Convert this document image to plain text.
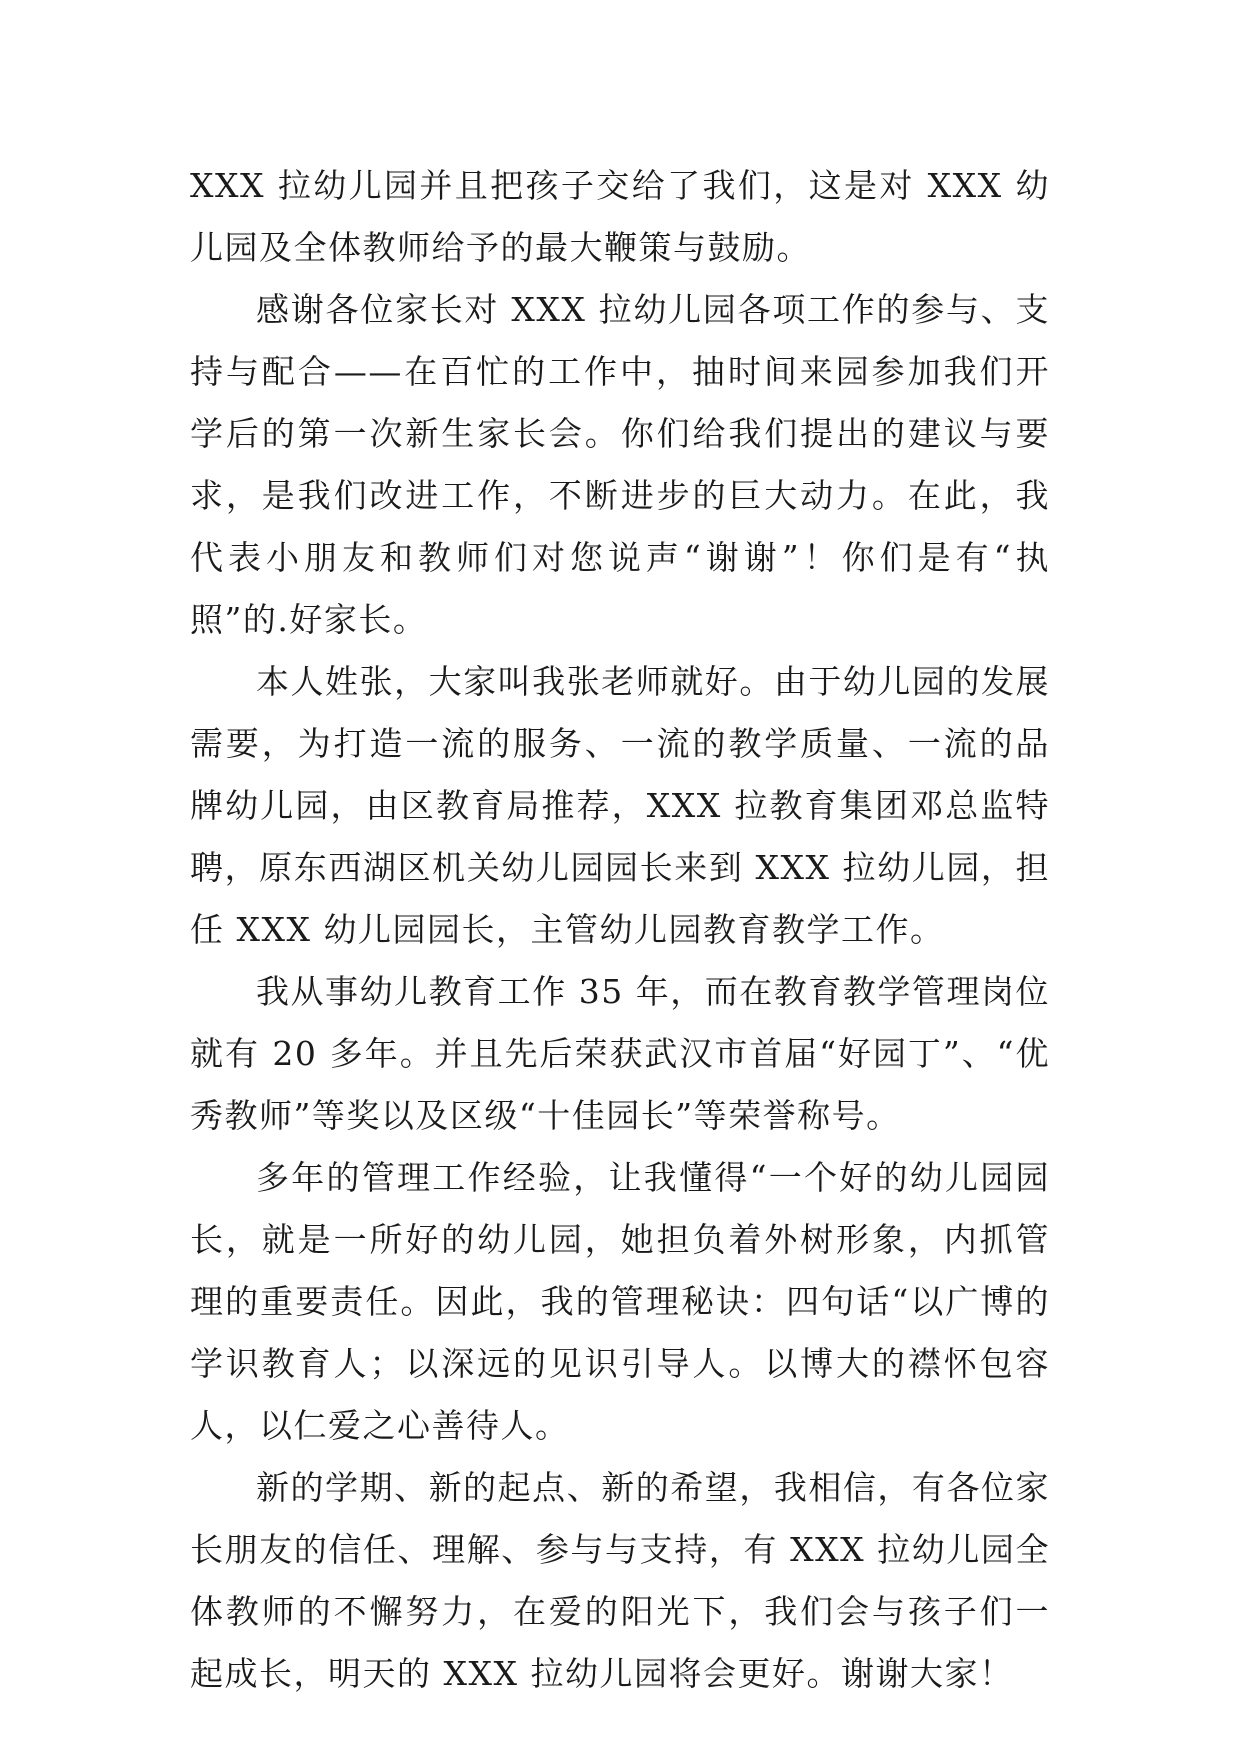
XXX 拉幼儿园并且把孩子交给了我们，这是对 XXX 幼儿园及全体教师给予的最大鞭策与鼓励。

感谢各位家长对 XXX 拉幼儿园各项工作的参与、支持与配合——在百忙的工作中，抽时间来园参加我们开学后的第一次新生家长会。你们给我们提出的建议与要求，是我们改进工作，不断进步的巨大动力。在此，我代表小朋友和教师们对您说声“谢谢”！你们是有“执照”的.好家长。

本人姓张，大家叫我张老师就好。由于幼儿园的发展需要，为打造一流的服务、一流的教学质量、一流的品牌幼儿园，由区教育局推荐，XXX 拉教育集团邓总监特聘，原东西湖区机关幼儿园园长来到 XXX 拉幼儿园，担任 XXX 幼儿园园长，主管幼儿园教育教学工作。

我从事幼儿教育工作 35 年，而在教育教学管理岗位就有 20 多年。并且先后荣获武汉市首届“好园丁”、“优秀教师”等奖以及区级“十佳园长”等荣誉称号。

多年的管理工作经验，让我懂得“一个好的幼儿园园长，就是一所好的幼儿园，她担负着外树形象，内抓管理的重要责任。因此，我的管理秘诀：四句话“以广博的学识教育人；以深远的见识引导人。以博大的襟怀包容人，以仁爱之心善待人。

新的学期、新的起点、新的希望，我相信，有各位家长朋友的信任、理解、参与与支持，有 XXX 拉幼儿园全体教师的不懈努力，在爱的阳光下，我们会与孩子们一起成长，明天的 XXX 拉幼儿园将会更好。谢谢大家！
